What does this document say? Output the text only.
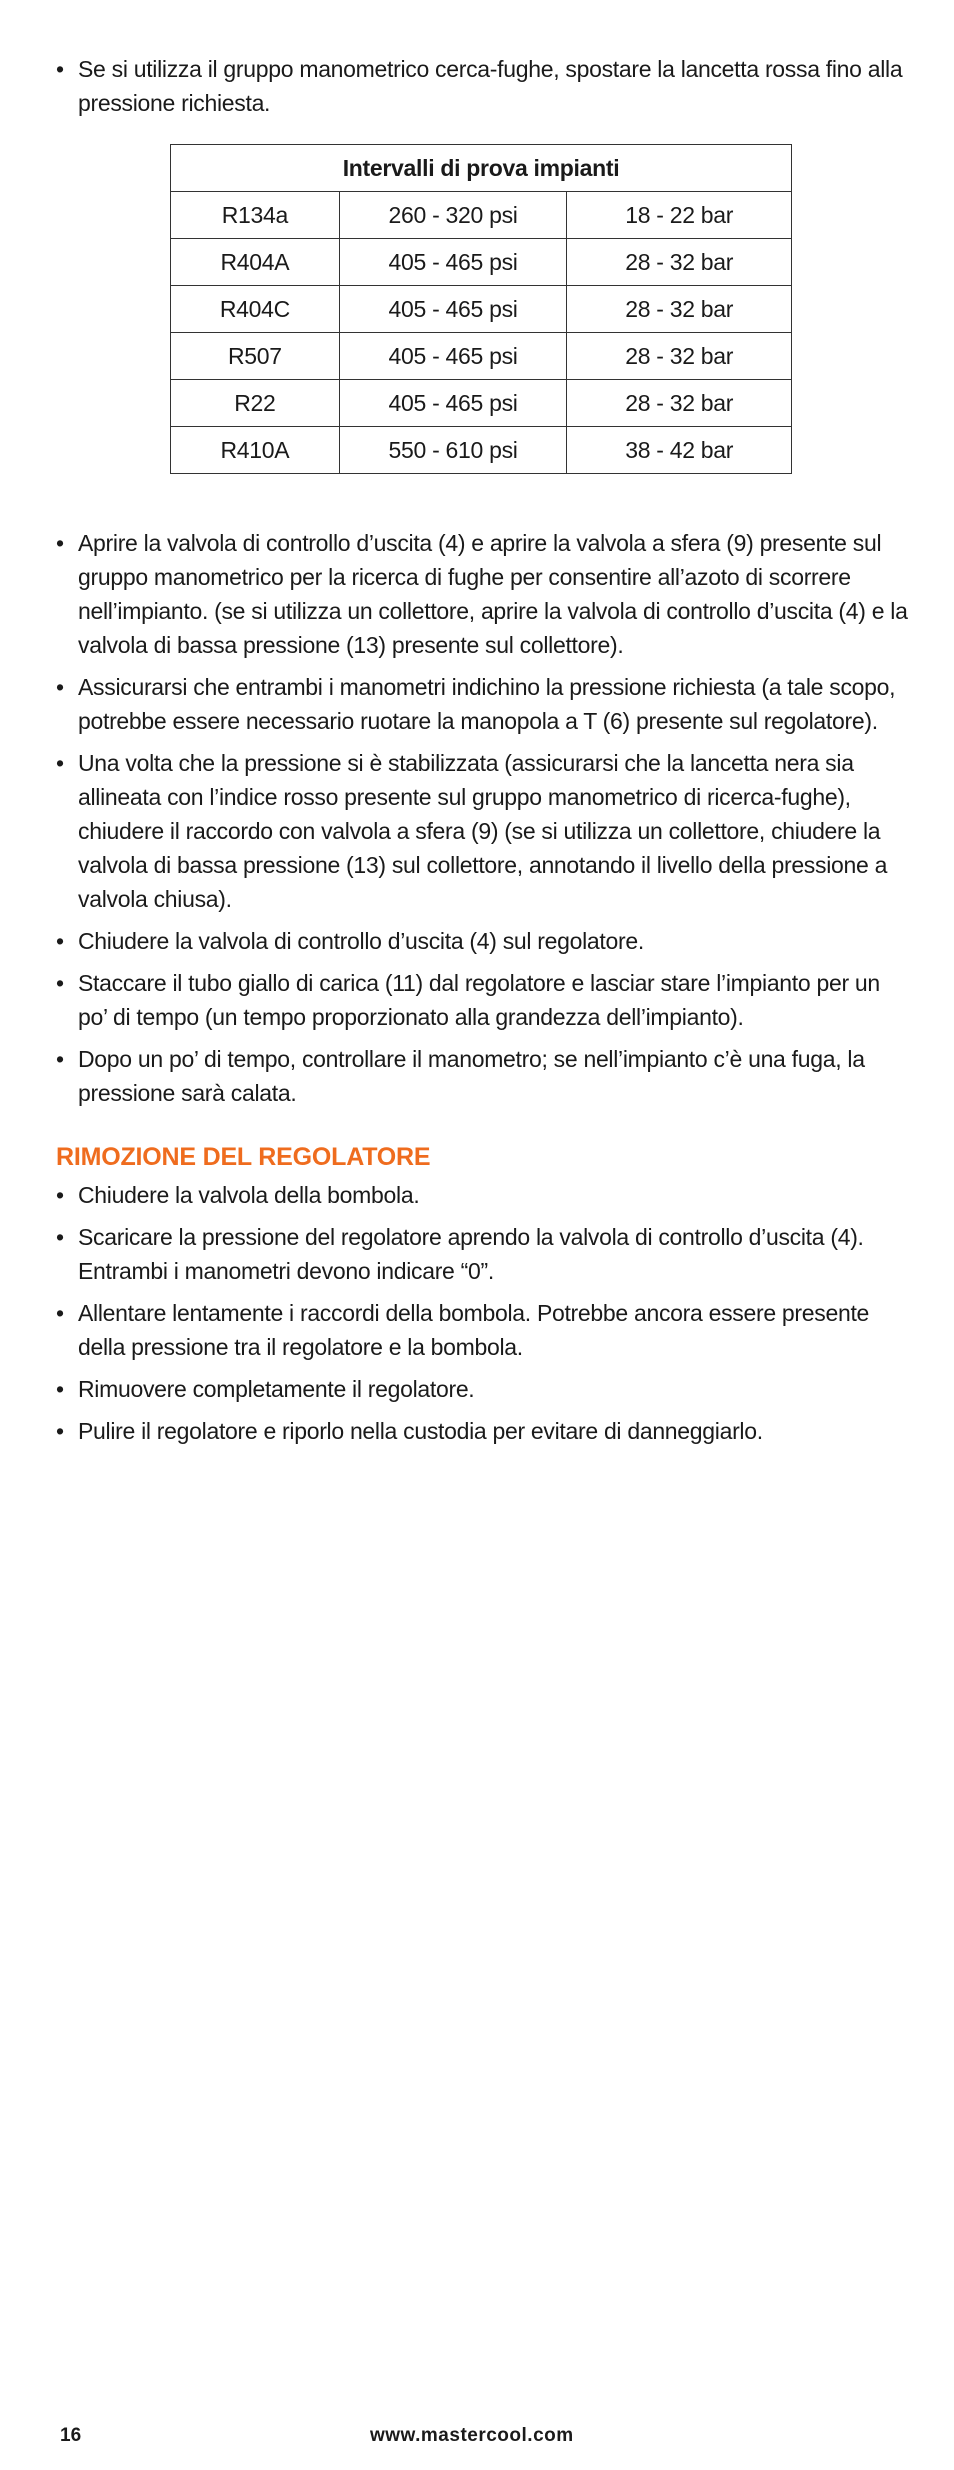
• Se si utilizza il gruppo manometrico cerca-fughe, spostare la lancetta rossa fino alla pressione richiesta.

Intervalli di prova impianti		
R134a	260 - 320 psi	18 - 22 bar
R404A	405 - 465 psi	28 - 32 bar
R404C	405 - 465 psi	28 - 32 bar
R507	405 - 465 psi	28 - 32 bar
R22	405 - 465 psi	28 - 32 bar
R410A	550 - 610 psi	38 - 42 bar

• Aprire la valvola di controllo d’uscita (4) e aprire la valvola a sfera (9) presente sul gruppo manometrico per la ricerca di fughe per consentire all’azoto di scorrere nell’impianto. (se si utilizza un collettore, aprire la valvola di controllo d’uscita (4) e la valvola di bassa pressione (13) presente sul collettore).

• Assicurarsi che entrambi i manometri indichino la pressione richiesta (a tale scopo, potrebbe essere necessario ruotare la manopola a T (6) presente sul regolatore).

• Una volta che la pressione si è stabilizzata (assicurarsi che la lancetta nera sia allineata con l’indice rosso presente sul gruppo manometrico di ricerca-fughe), chiudere il raccordo con valvola a sfera (9) (se si utilizza un collettore, chiudere la valvola di bassa pressione (13) sul collettore, annotando il livello della pressione a valvola chiusa).

• Chiudere la valvola di controllo d’uscita (4) sul regolatore.

• Staccare il tubo giallo di carica (11) dal regolatore e lasciar stare l’impianto per un po’ di tempo (un tempo proporzionato alla grandezza dell’impianto).

• Dopo un po’ di tempo, controllare il manometro; se nell’impianto c’è una fuga, la pressione sarà calata.

RIMOZIONE DEL REGOLATORE

• Chiudere la valvola della bombola.

• Scaricare la pressione del regolatore aprendo la valvola di controllo d’uscita (4). Entrambi i manometri devono indicare “0”.

• Allentare lentamente i raccordi della bombola. Potrebbe ancora essere presente della pressione tra il regolatore e la bombola.

• Rimuovere completamente il regolatore.

• Pulire il regolatore e riporlo nella custodia per evitare di danneggiarlo.

16	www.mastercool.com
